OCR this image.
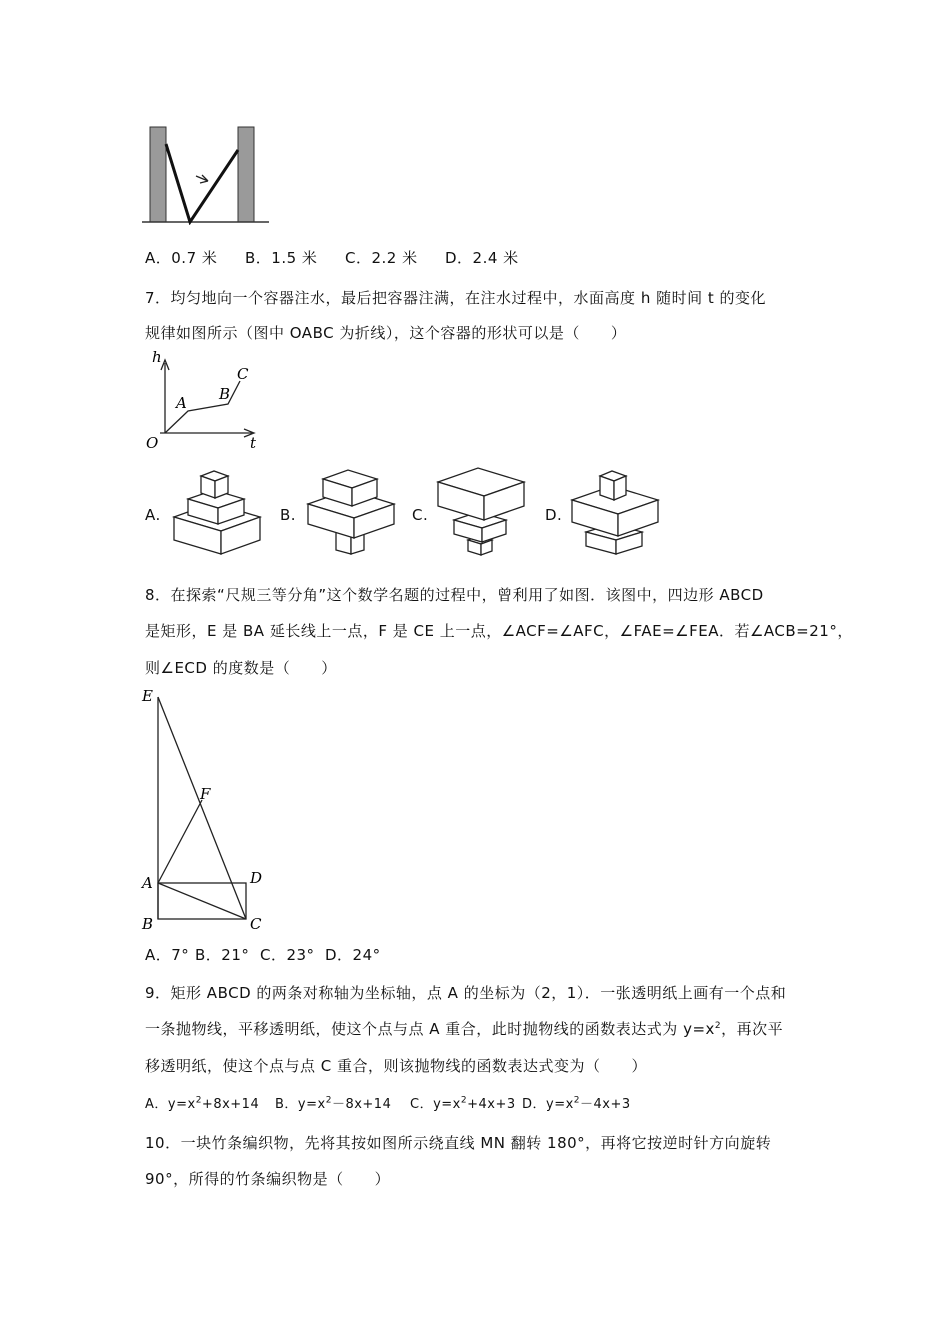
A．0.7 米 B．1.5 米 C．2.2 米 D．2.4 米
7．均匀地向一个容器注水，最后把容器注满，在注水过程中，水面高度 h 随时间 t 的变化
规律如图所示（图中 OABC 为折线），这个容器的形状可以是（　　）
h
t
O
A B
C
A.	B.	C.	D.
8．在探索“尺规三等分角”这个数学名题的过程中，曾利用了如图．该图中，四边形 ABCD
是矩形，E 是 BA 延长线上一点，F 是 CE 上一点，∠ACF=∠AFC，∠FAE=∠FEA．若∠ACB=21°，
则∠ECD 的度数是（　　）
E
F
A	D
B	C
A．7° B．21° C．23° D．24°
9．矩形 ABCD 的两条对称轴为坐标轴，点 A 的坐标为（2，1）．一张透明纸上画有一个点和
一条抛物线，平移透明纸，使这个点与点 A 重合，此时抛物线的函数表达式为 $y=x^2$，再次平
移透明纸，使这个点与点 C 重合，则该抛物线的函数表达式变为（　　）
A．$y=x^2+8x+14$ B．$y=x^2-8x+14$ C．$y=x^2+4x+3$ D．$y=x^2-4x+3$
10．一块竹条编织物，先将其按如图所示绕直线 MN 翻转 180°，再将它按逆时针方向旋转
90°，所得的竹条编织物是（　　）
